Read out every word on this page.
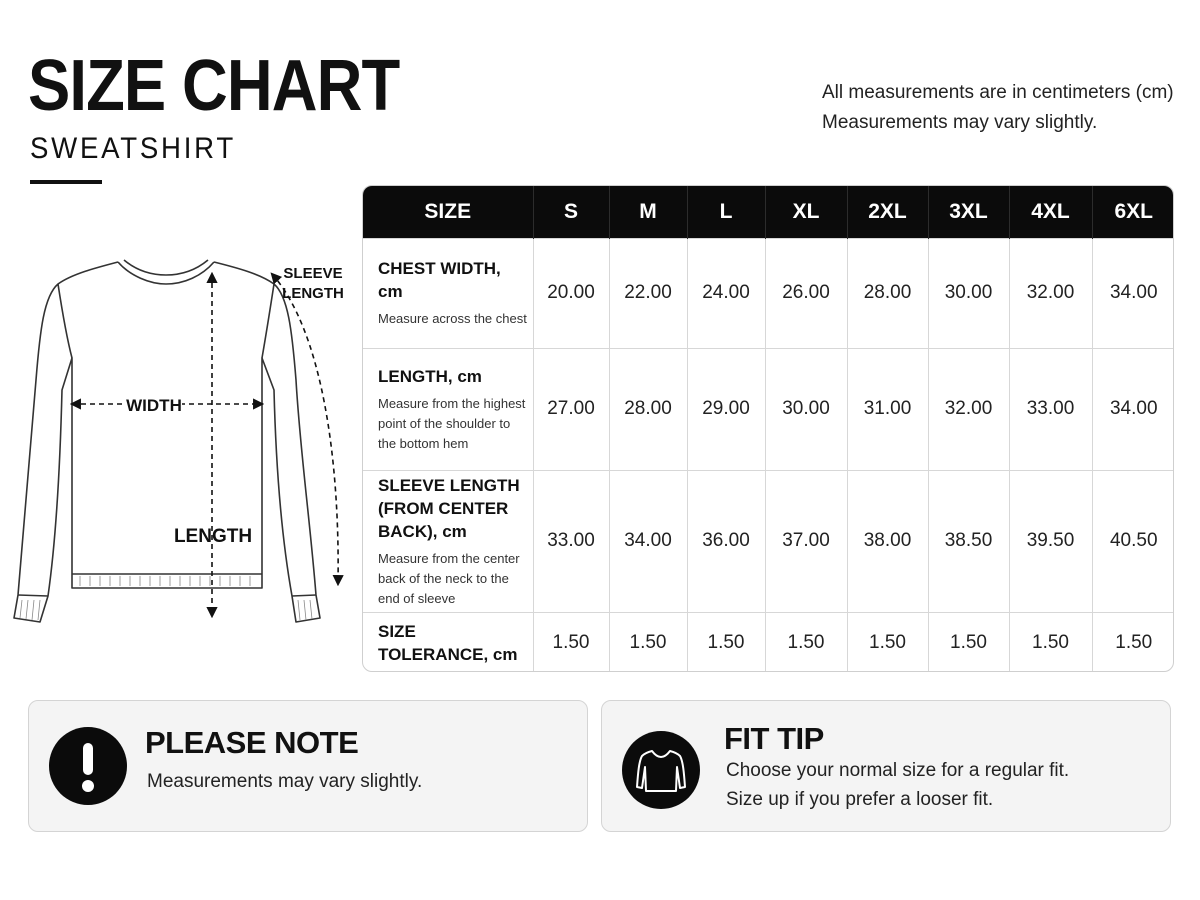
SIZE CHART
SWEATSHIRT
All measurements are in centimeters (cm)
Measurements may vary slightly.
WIDTH
LENGTH
SLEEVE
LENGTH
SIZE	S	M	L	XL	2XL	3XL	4XL	6XL

CHEST WIDTH, cm
Measure across the chest	20.00	22.00	24.00	26.00	28.00	30.00	32.00	34.00

LENGTH, cm
Measure from the highest point of the shoulder to the bottom hem	27.00	28.00	29.00	30.00	31.00	32.00	33.00	34.00

SLEEVE LENGTH (FROM CENTER BACK), cm
Measure from the center back of the neck to the end of sleeve	33.00	34.00	36.00	37.00	38.00	38.50	39.50	40.50

SIZE TOLERANCE, cm	1.50	1.50	1.50	1.50	1.50	1.50	1.50	1.50
PLEASE NOTE
Measurements may vary slightly.
FIT TIP
Choose your normal size for a regular fit.
Size up if you prefer a looser fit.
